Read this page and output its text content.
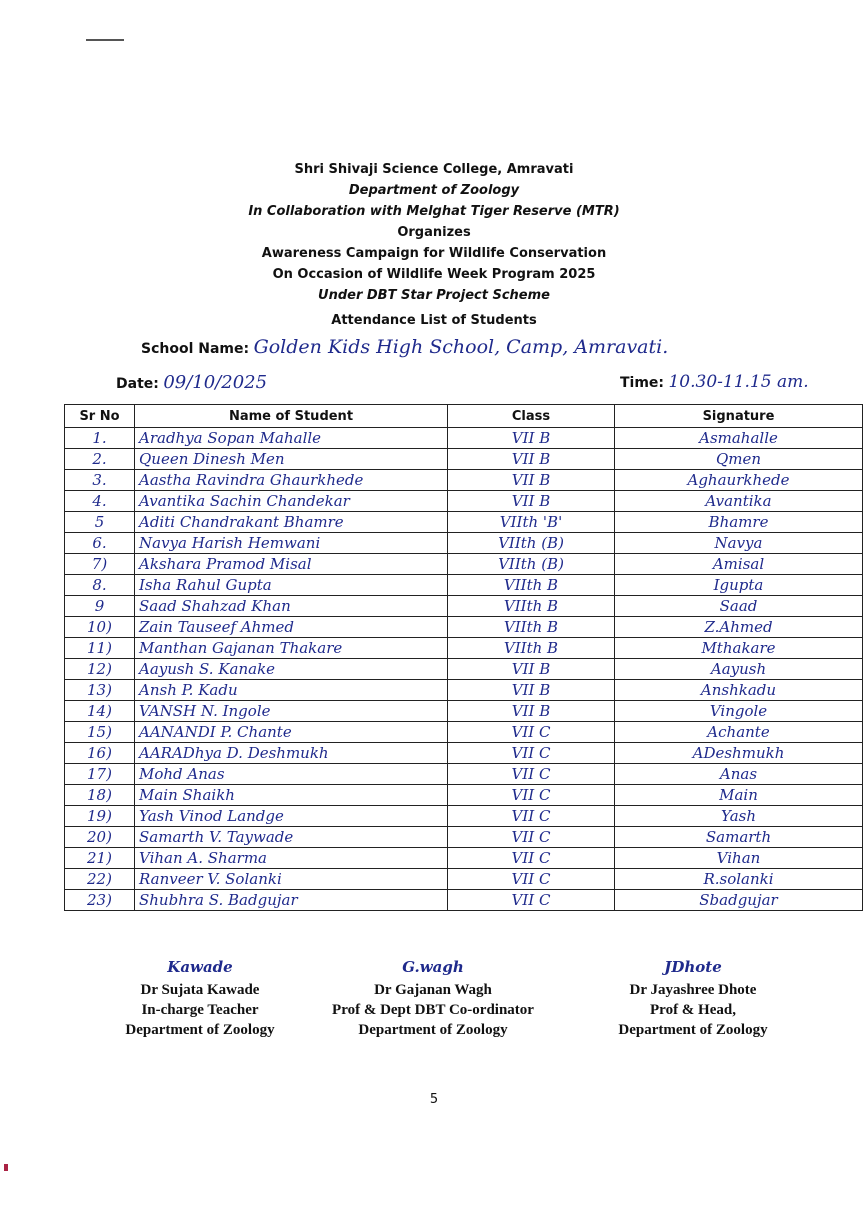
Shri Shivaji Science College, Amravati
Department of Zoology
In Collaboration with Melghat Tiger Reserve (MTR)
Organizes
Awareness Campaign for Wildlife Conservation
On Occasion of Wildlife Week Program 2025
Under DBT Star Project Scheme
Attendance List of Students
School Name: Golden Kids High School, Camp, Amravati.
Date: 09/10/2025	Time: 10.30-11.15 am.
Sr No	Name of Student	Class	Signature
1.	Aradhya Sopan Mahalle	VII B	Asmahalle
2.	Queen Dinesh Men	VII B	Qmen
3.	Aastha Ravindra Ghaurkhede	VII B	Aghaurkhede
4.	Avantika Sachin Chandekar	VII B	Avantika
5	Aditi Chandrakant Bhamre	VIIth 'B'	Bhamre
6.	Navya Harish Hemwani	VIIth (B)	Navya
7)	Akshara Pramod Misal	VIIth (B)	Amisal
8.	Isha Rahul Gupta	VIIth B	Igupta
9	Saad Shahzad Khan	VIIth B	Saad
10)	Zain Tauseef Ahmed	VIIth B	Z.Ahmed
11)	Manthan Gajanan Thakare	VIIth B	Mthakare
12)	Aayush S. Kanake	VII B	Aayush
13)	Ansh P. Kadu	VII B	Anshkadu
14)	VANSH N. Ingole	VII B	Vingole
15)	AANANDI P. Chante	VII C	Achante
16)	AARADhya D. Deshmukh	VII C	ADeshmukh
17)	Mohd Anas	VII C	Anas
18)	Main Shaikh	VII C	Main
19)	Yash Vinod Landge	VII C	Yash
20)	Samarth V. Taywade	VII C	Samarth
21)	Vihan A. Sharma	VII C	Vihan
22)	Ranveer V. Solanki	VII C	R.solanki
23)	Shubhra S. Badgujar	VII C	Sbadgujar
Kawade
Dr Sujata Kawade
In-charge Teacher
Department of Zoology
G.wagh
Dr Gajanan Wagh
Prof & Dept DBT Co-ordinator
Department of Zoology
JDhote
Dr Jayashree Dhote
Prof & Head,
Department of Zoology
5
